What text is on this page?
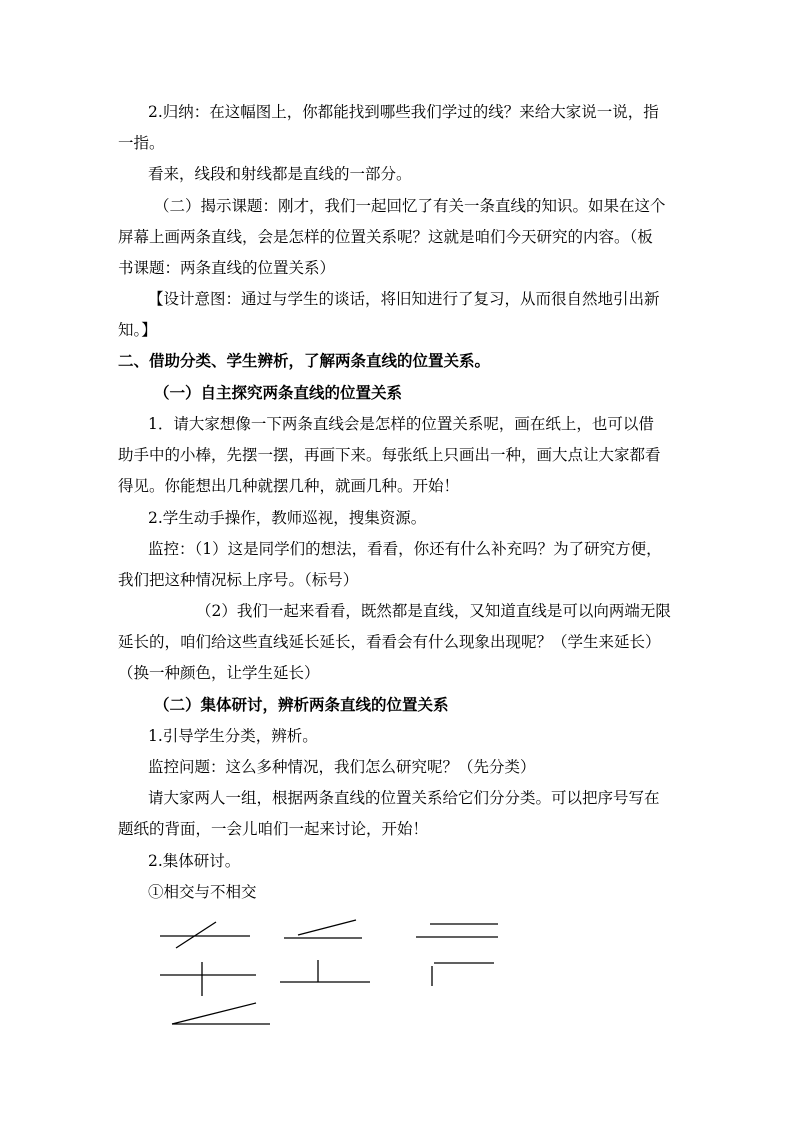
2.归纳：在这幅图上，你都能找到哪些我们学过的线？来给大家说一说，指
一指。
看来，线段和射线都是直线的一部分。
（二）揭示课题：刚才，我们一起回忆了有关一条直线的知识。如果在这个
屏幕上画两条直线，会是怎样的位置关系呢？这就是咱们今天研究的内容。（板
书课题：两条直线的位置关系）
【设计意图：通过与学生的谈话，将旧知进行了复习，从而很自然地引出新
知。】
二、借助分类、学生辨析，了解两条直线的位置关系。
（一）自主探究两条直线的位置关系
1．请大家想像一下两条直线会是怎样的位置关系呢，画在纸上，也可以借
助手中的小棒，先摆一摆，再画下来。每张纸上只画出一种，画大点让大家都看
得见。你能想出几种就摆几种，就画几种。开始！
2.学生动手操作，教师巡视，搜集资源。
监控：（1）这是同学们的想法，看看，你还有什么补充吗？为了研究方便，
我们把这种情况标上序号。（标号）
（2）我们一起来看看，既然都是直线，又知道直线是可以向两端无限
延长的，咱们给这些直线延长延长，看看会有什么现象出现呢？（学生来延长）
（换一种颜色，让学生延长）
（二）集体研讨，辨析两条直线的位置关系
1.引导学生分类，辨析。
监控问题：这么多种情况，我们怎么研究呢？（先分类）
请大家两人一组，根据两条直线的位置关系给它们分分类。可以把序号写在
题纸的背面，一会儿咱们一起来讨论，开始！
2.集体研讨。
①相交与不相交
